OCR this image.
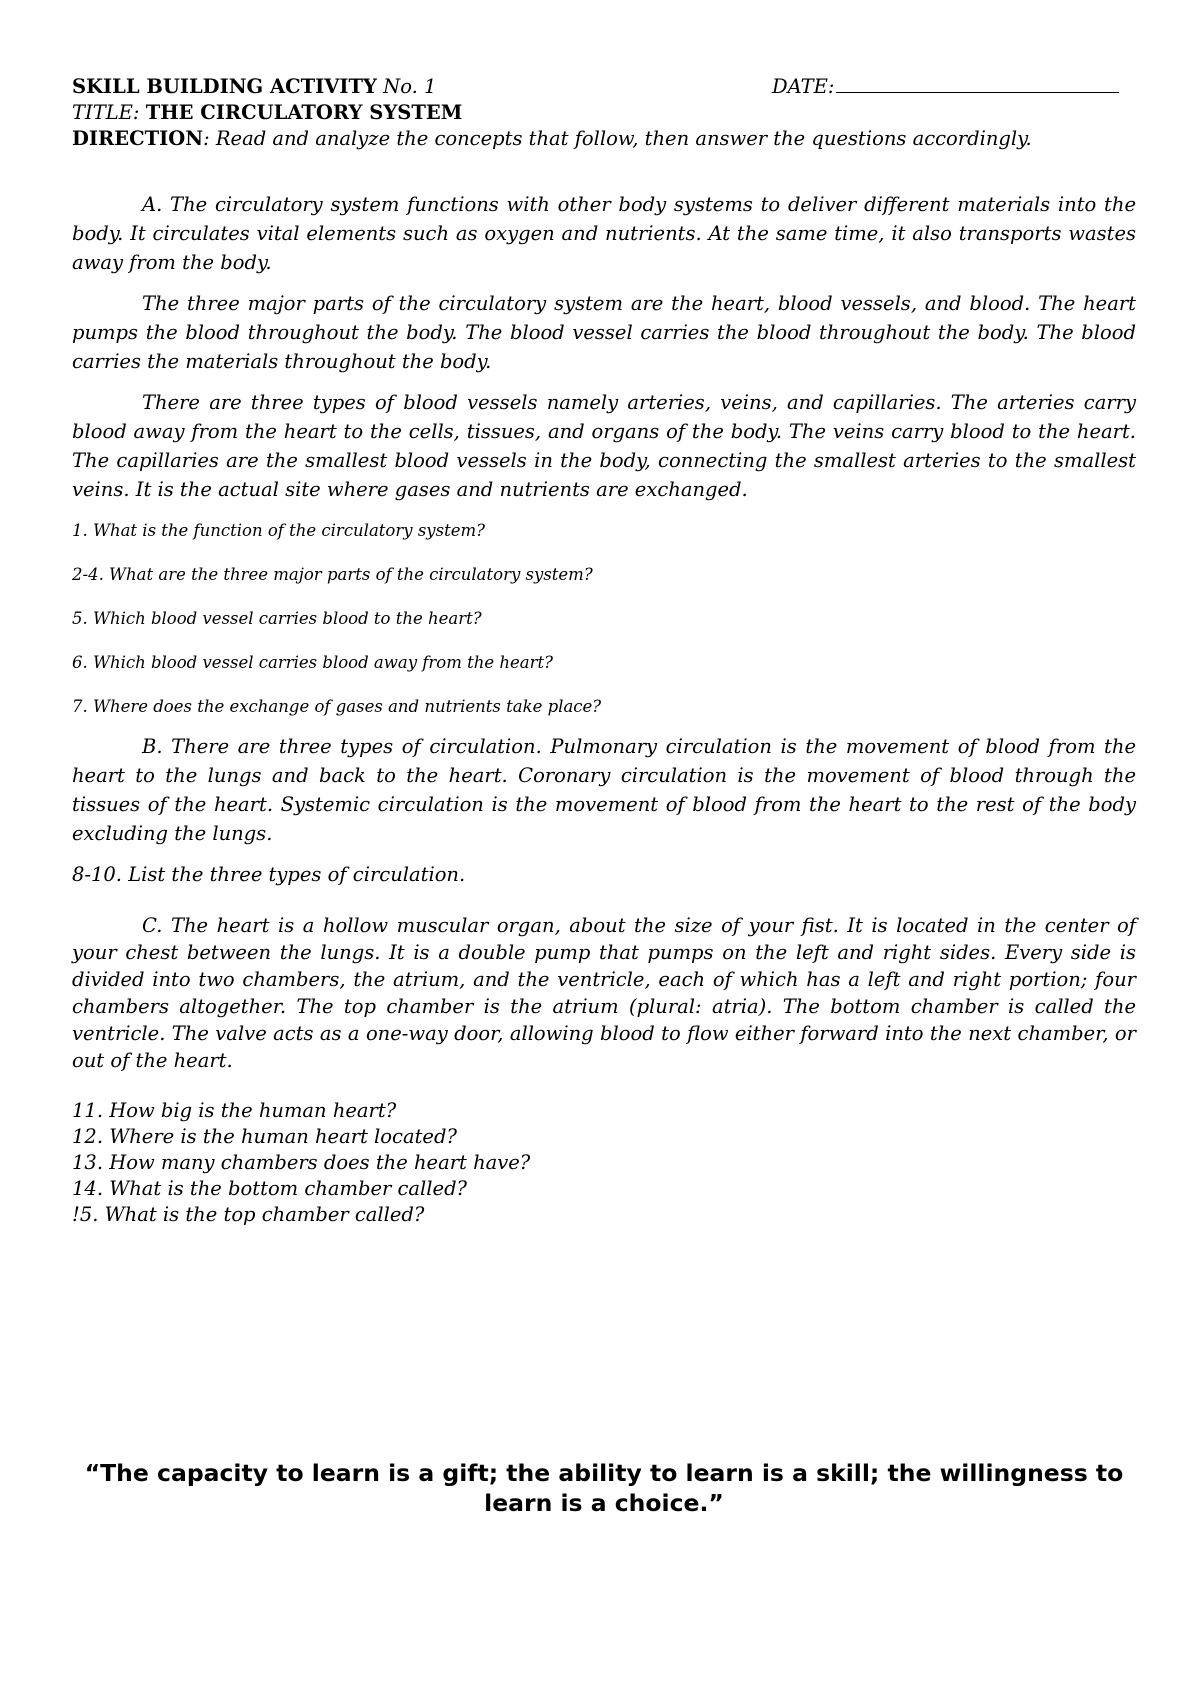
SKILL BUILDING ACTIVITY No. 1	DATE:
TITLE: THE CIRCULATORY SYSTEM
DIRECTION: Read and analyze the concepts that follow, then answer the questions accordingly.

A. The circulatory system functions with other body systems to deliver different materials into the body. It circulates vital elements such as oxygen and nutrients. At the same time, it also transports wastes away from the body.

The three major parts of the circulatory system are the heart, blood vessels, and blood. The heart pumps the blood throughout the body. The blood vessel carries the blood throughout the body. The blood carries the materials throughout the body.

There are three types of blood vessels namely arteries, veins, and capillaries. The arteries carry blood away from the heart to the cells, tissues, and organs of the body. The veins carry blood to the heart. The capillaries are the smallest blood vessels in the body, connecting the smallest arteries to the smallest veins. It is the actual site where gases and nutrients are exchanged.

1. What is the function of the circulatory system?

2-4. What are the three major parts of the circulatory system?

5. Which blood vessel carries blood to the heart?

6. Which blood vessel carries blood away from the heart?

7. Where does the exchange of gases and nutrients take place?

B. There are three types of circulation. Pulmonary circulation is the movement of blood from the heart to the lungs and back to the heart. Coronary circulation is the movement of blood through the tissues of the heart. Systemic circulation is the movement of blood from the heart to the rest of the body excluding the lungs.

8-10. List the three types of circulation.

C. The heart is a hollow muscular organ, about the size of your fist. It is located in the center of your chest between the lungs. It is a double pump that pumps on the left and right sides. Every side is divided into two chambers, the atrium, and the ventricle, each of which has a left and right portion; four chambers altogether. The top chamber is the atrium (plural: atria). The bottom chamber is called the ventricle. The valve acts as a one-way door, allowing blood to flow either forward into the next chamber, or out of the heart.

11. How big is the human heart?

12. Where is the human heart located?

13. How many chambers does the heart have?

14. What is the bottom chamber called?

!5. What is the top chamber called?

“The capacity to learn is a gift; the ability to learn is a skill; the willingness to learn is a choice.”
